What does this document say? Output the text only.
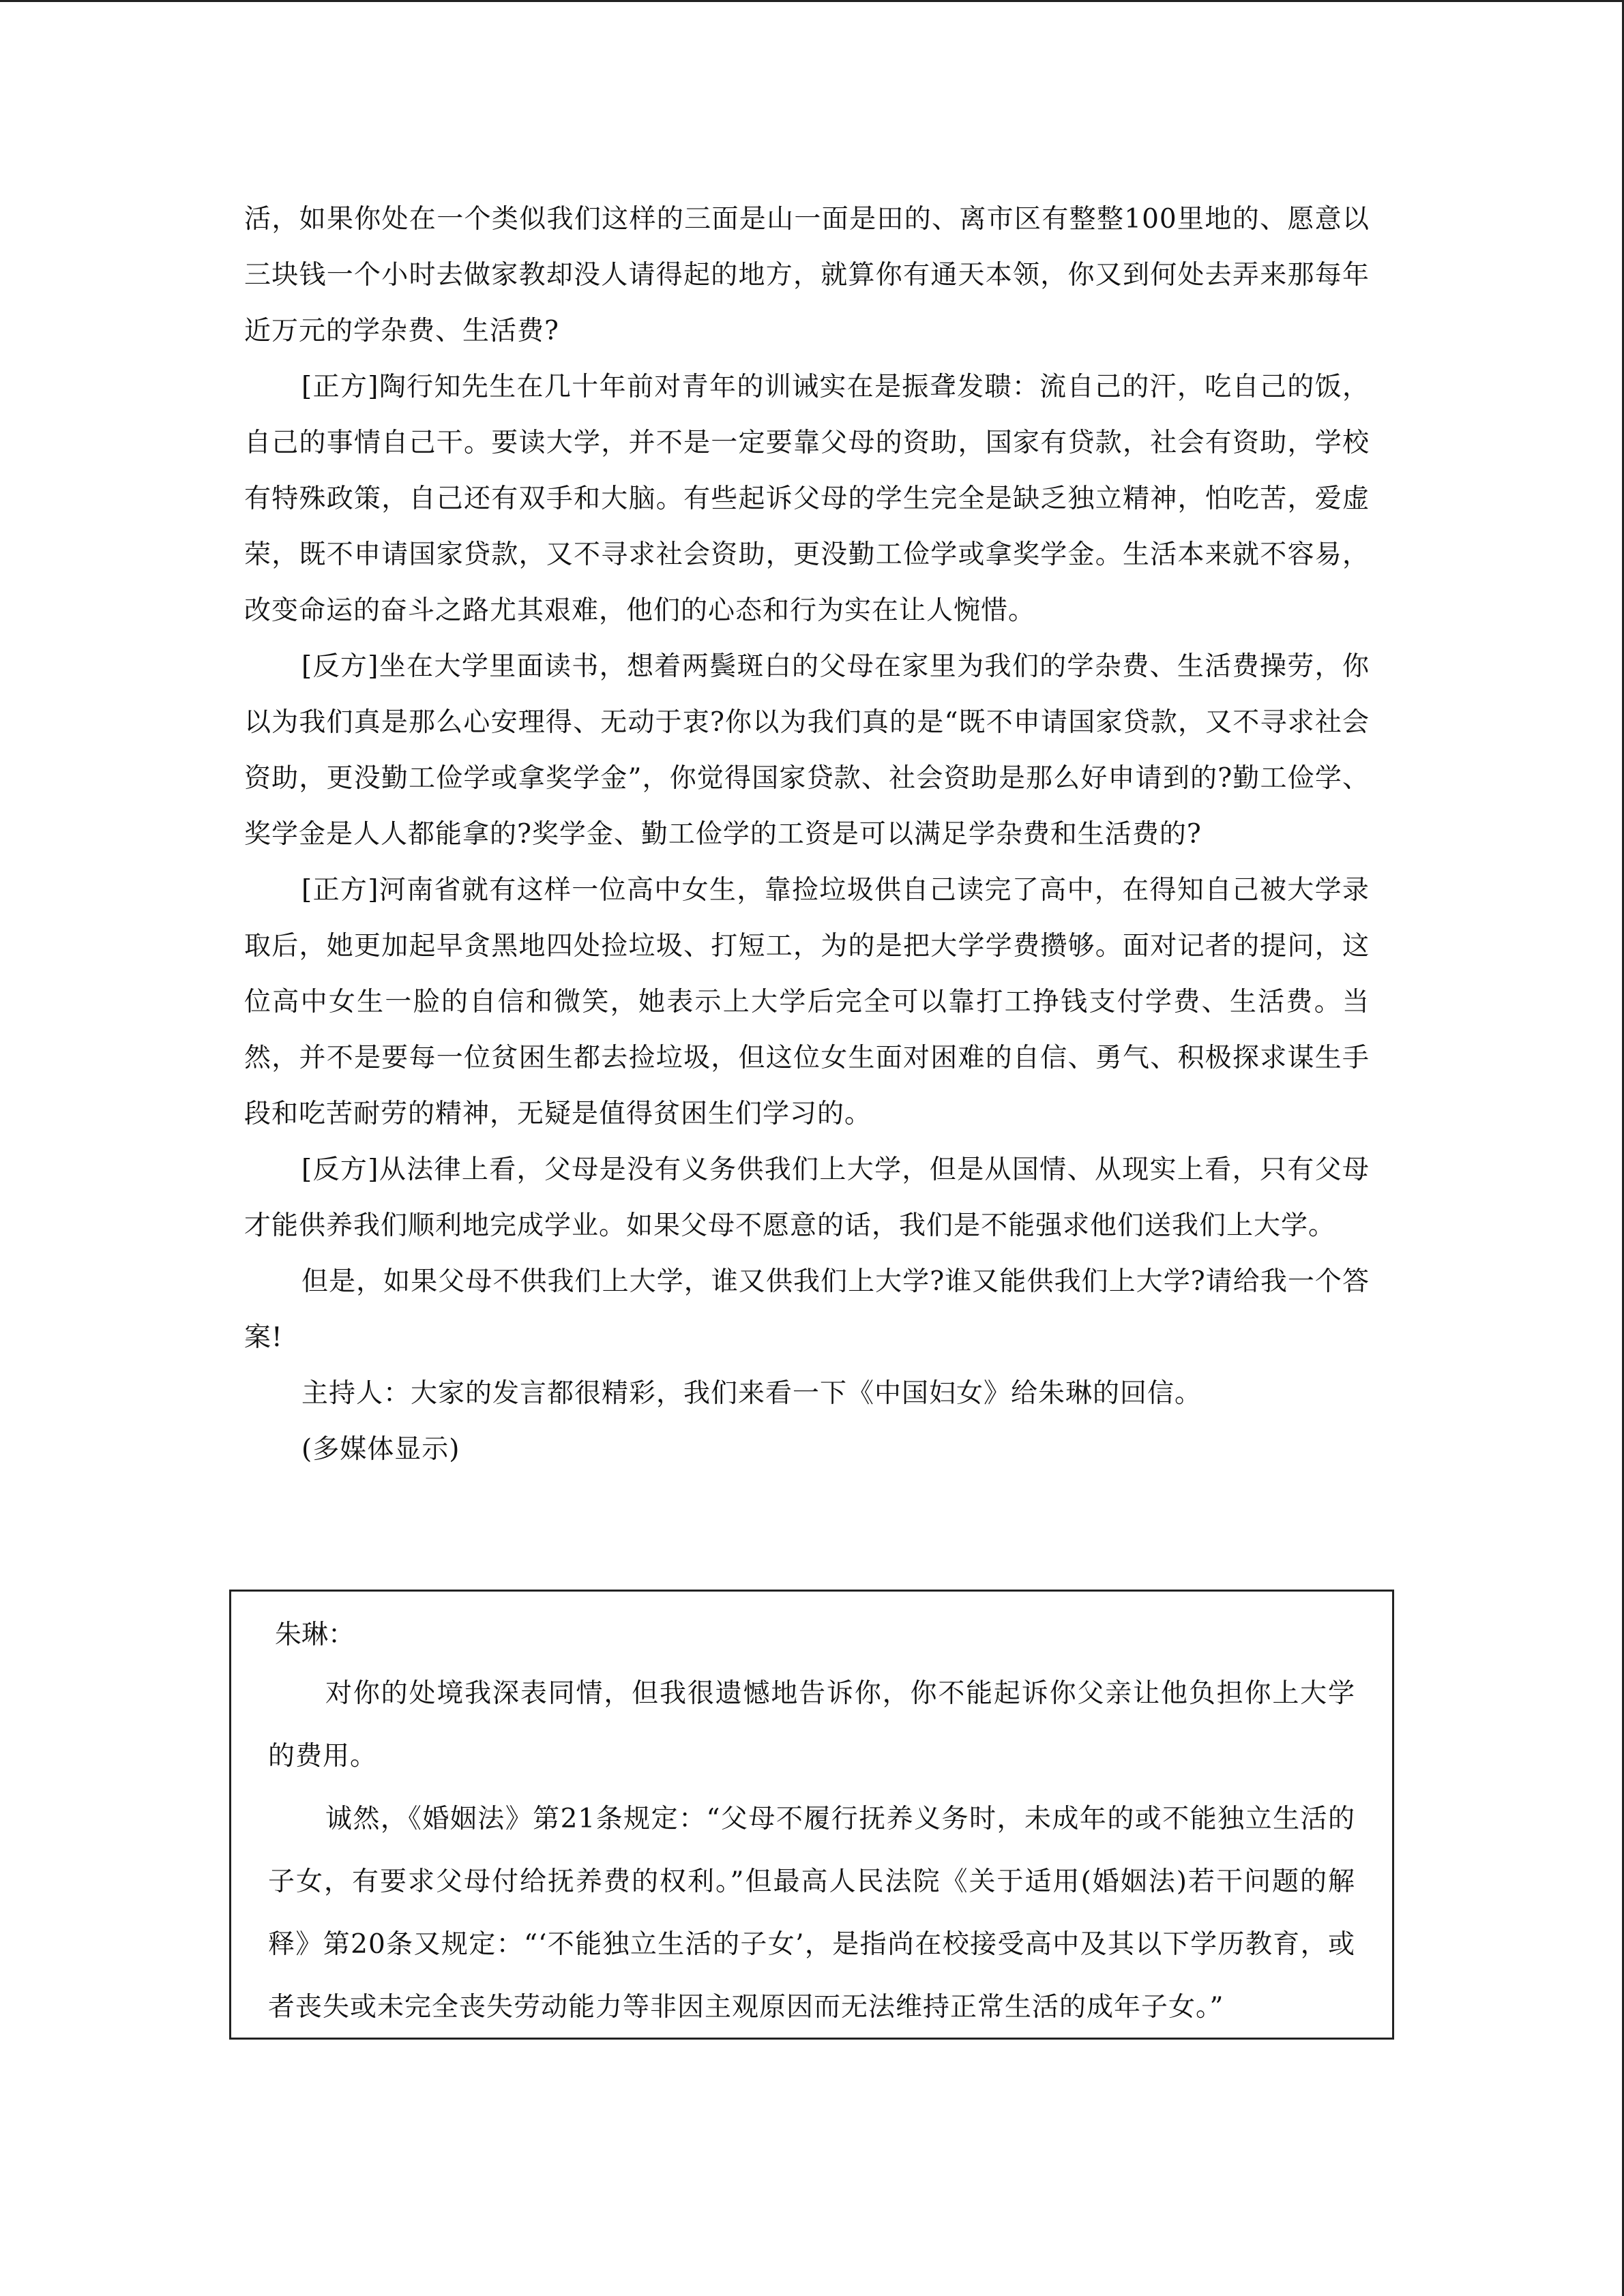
活，如果你处在一个类似我们这样的三面是山一面是田的、离市区有整整100里地的、愿意以三块钱一个小时去做家教却没人请得起的地方，就算你有通天本领，你又到何处去弄来那每年近万元的学杂费、生活费?

[正方]陶行知先生在几十年前对青年的训诫实在是振聋发聩：流自己的汗，吃自己的饭，自己的事情自己干。要读大学，并不是一定要靠父母的资助，国家有贷款，社会有资助，学校有特殊政策，自己还有双手和大脑。有些起诉父母的学生完全是缺乏独立精神，怕吃苦，爱虚荣，既不申请国家贷款，又不寻求社会资助，更没勤工俭学或拿奖学金。生活本来就不容易，改变命运的奋斗之路尤其艰难，他们的心态和行为实在让人惋惜。

[反方]坐在大学里面读书，想着两鬓斑白的父母在家里为我们的学杂费、生活费操劳，你以为我们真是那么心安理得、无动于衷?你以为我们真的是“既不申请国家贷款，又不寻求社会资助，更没勤工俭学或拿奖学金”，你觉得国家贷款、社会资助是那么好申请到的?勤工俭学、奖学金是人人都能拿的?奖学金、勤工俭学的工资是可以满足学杂费和生活费的?

[正方]河南省就有这样一位高中女生，靠捡垃圾供自己读完了高中，在得知自己被大学录取后，她更加起早贪黑地四处捡垃圾、打短工，为的是把大学学费攒够。面对记者的提问，这位高中女生一脸的自信和微笑，她表示上大学后完全可以靠打工挣钱支付学费、生活费。当然，并不是要每一位贫困生都去捡垃圾，但这位女生面对困难的自信、勇气、积极探求谋生手段和吃苦耐劳的精神，无疑是值得贫困生们学习的。

[反方]从法律上看，父母是没有义务供我们上大学，但是从国情、从现实上看，只有父母才能供养我们顺利地完成学业。如果父母不愿意的话，我们是不能强求他们送我们上大学。

但是，如果父母不供我们上大学，谁又供我们上大学?谁又能供我们上大学?请给我一个答案!

主持人：大家的发言都很精彩，我们来看一下《中国妇女》给朱琳的回信。

(多媒体显示)

朱琳：

对你的处境我深表同情，但我很遗憾地告诉你，你不能起诉你父亲让他负担你上大学的费用。

诚然，《婚姻法》第21条规定：“父母不履行抚养义务时，未成年的或不能独立生活的子女，有要求父母付给抚养费的权利。”但最高人民法院《关于适用(婚姻法)若干问题的解释》第20条又规定：“‘不能独立生活的子女’，是指尚在校接受高中及其以下学历教育，或者丧失或未完全丧失劳动能力等非因主观原因而无法维持正常生活的成年子女。”
